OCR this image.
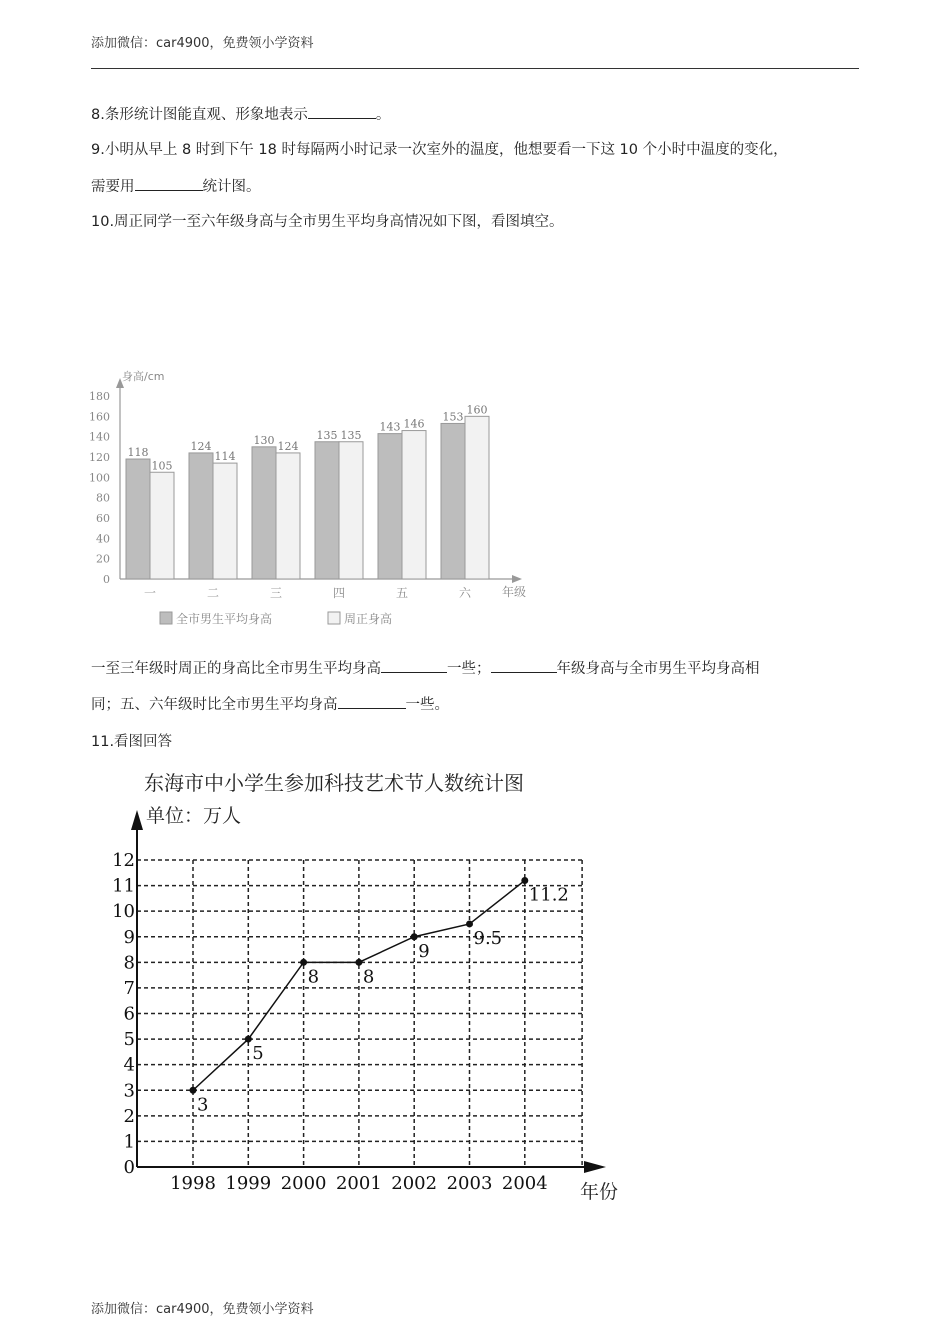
添加微信：car4900，免费领小学资料
8.条形统计图能直观、形象地表示	。
9.小明从早上 8 时到下午 18 时每隔两小时记录一次室外的温度，他想要看一下这 10 个小时中温度的变化，
需要用	统计图。
10.周正同学一至六年级身高与全市男生平均身高情况如下图，看图填空。
身高/cm
年级
0
20
40
60
80
100
120
140
160
180
118
105
一
124
114
二
130 124
三
135 135
四
143 146
五
153
160
六
全市男生平均身高	周正身高
一至三年级时周正的身高比全市男生平均身高	一些；	年级身高与全市男生平均身高相
同；五、六年级时比全市男生平均身高	一些。
11.看图回答
东海市中小学生参加科技艺术节人数统计图
单位：万人
年份
0
1
2
3
4
5
6
7
8
9
10
11
12
1998 1999 2000 2001 2002 2003 2004
3
5
8 8
9
9.5
11.2
添加微信：car4900，免费领小学资料
